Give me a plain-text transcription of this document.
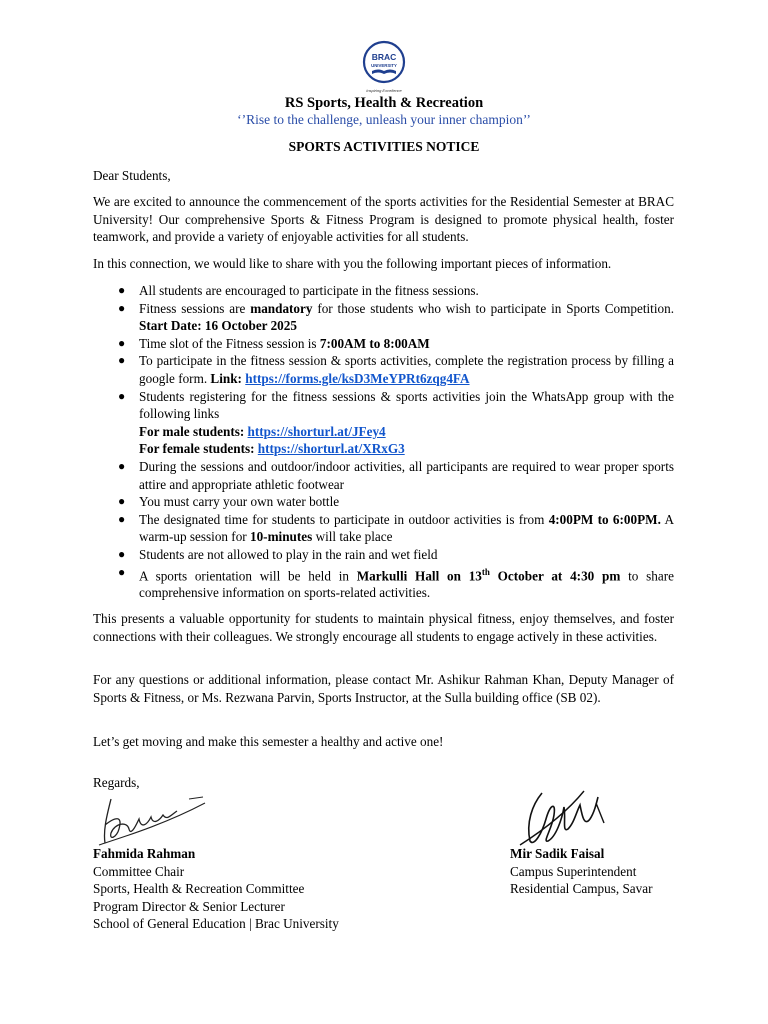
BRAC
UNIVERSITY
Inspiring Excellence
RS Sports, Health & Recreation
‘’Rise to the challenge, unleash your inner champion’’
SPORTS ACTIVITIES NOTICE
Dear Students,
We are excited to announce the commencement of the sports activities for the Residential Semester at BRAC University! Our comprehensive Sports & Fitness Program is designed to promote physical health, foster teamwork, and provide a variety of enjoyable activities for all students.
In this connection, we would like to share with you the following important pieces of information.
● All students are encouraged to participate in the fitness sessions.
● Fitness sessions are mandatory for those students who wish to participate in Sports Competition. Start Date: 16 October 2025
● Time slot of the Fitness session is 7:00AM to 8:00AM
● To participate in the fitness session & sports activities, complete the registration process by filling a google form. Link: https://forms.gle/ksD3MeYPRt6zqg4FA
● Students registering for the fitness sessions & sports activities join the WhatsApp group with the following links
For male students: https://shorturl.at/JFey4
For female students: https://shorturl.at/XRxG3
● During the sessions and outdoor/indoor activities, all participants are required to wear proper sports attire and appropriate athletic footwear
● You must carry your own water bottle
● The designated time for students to participate in outdoor activities is from 4:00PM to 6:00PM. A warm-up session for 10-minutes will take place
● Students are not allowed to play in the rain and wet field
● A sports orientation will be held in Markulli Hall on 13th October at 4:30 pm to share comprehensive information on sports-related activities.
This presents a valuable opportunity for students to maintain physical fitness, enjoy themselves, and foster connections with their colleagues. We strongly encourage all students to engage actively in these activities.
For any questions or additional information, please contact Mr. Ashikur Rahman Khan, Deputy Manager of Sports & Fitness, or Ms. Rezwana Parvin, Sports Instructor, at the Sulla building office (SB 02).
Let’s get moving and make this semester a healthy and active one!
Regards,
Fahmida Rahman
Committee Chair
Sports, Health & Recreation Committee
Program Director & Senior Lecturer
School of General Education | Brac University
Mir Sadik Faisal
Campus Superintendent
Residential Campus, Savar
